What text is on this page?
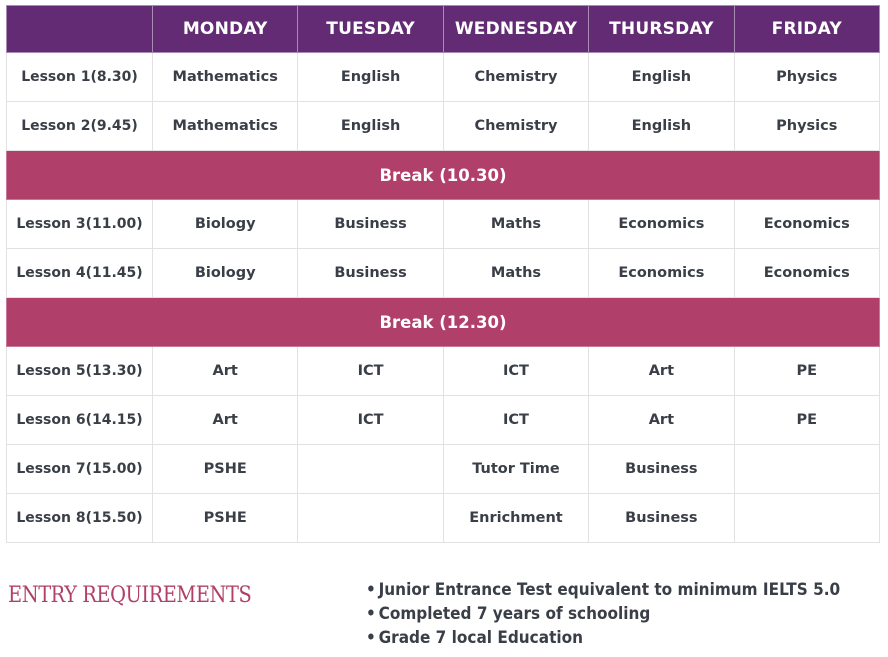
	MONDAY	TUESDAY	WEDNESDAY	THURSDAY	FRIDAY
Lesson 1(8.30)	Mathematics	English	Chemistry	English	Physics
Lesson 2(9.45)	Mathematics	English	Chemistry	English	Physics
Break (10.30)					
Lesson 3(11.00)	Biology	Business	Maths	Economics	Economics
Lesson 4(11.45)	Biology	Business	Maths	Economics	Economics
Break (12.30)					
Lesson 5(13.30)	Art	ICT	ICT	Art	PE
Lesson 6(14.15)	Art	ICT	ICT	Art	PE
Lesson 7(15.00)	PSHE		Tutor Time	Business	
Lesson 8(15.50)	PSHE		Enrichment	Business	
ENTRY REQUIREMENTS	• Junior Entrance Test equivalent to minimum IELTS 5.0
• Completed 7 years of schooling
• Grade 7 local Education
